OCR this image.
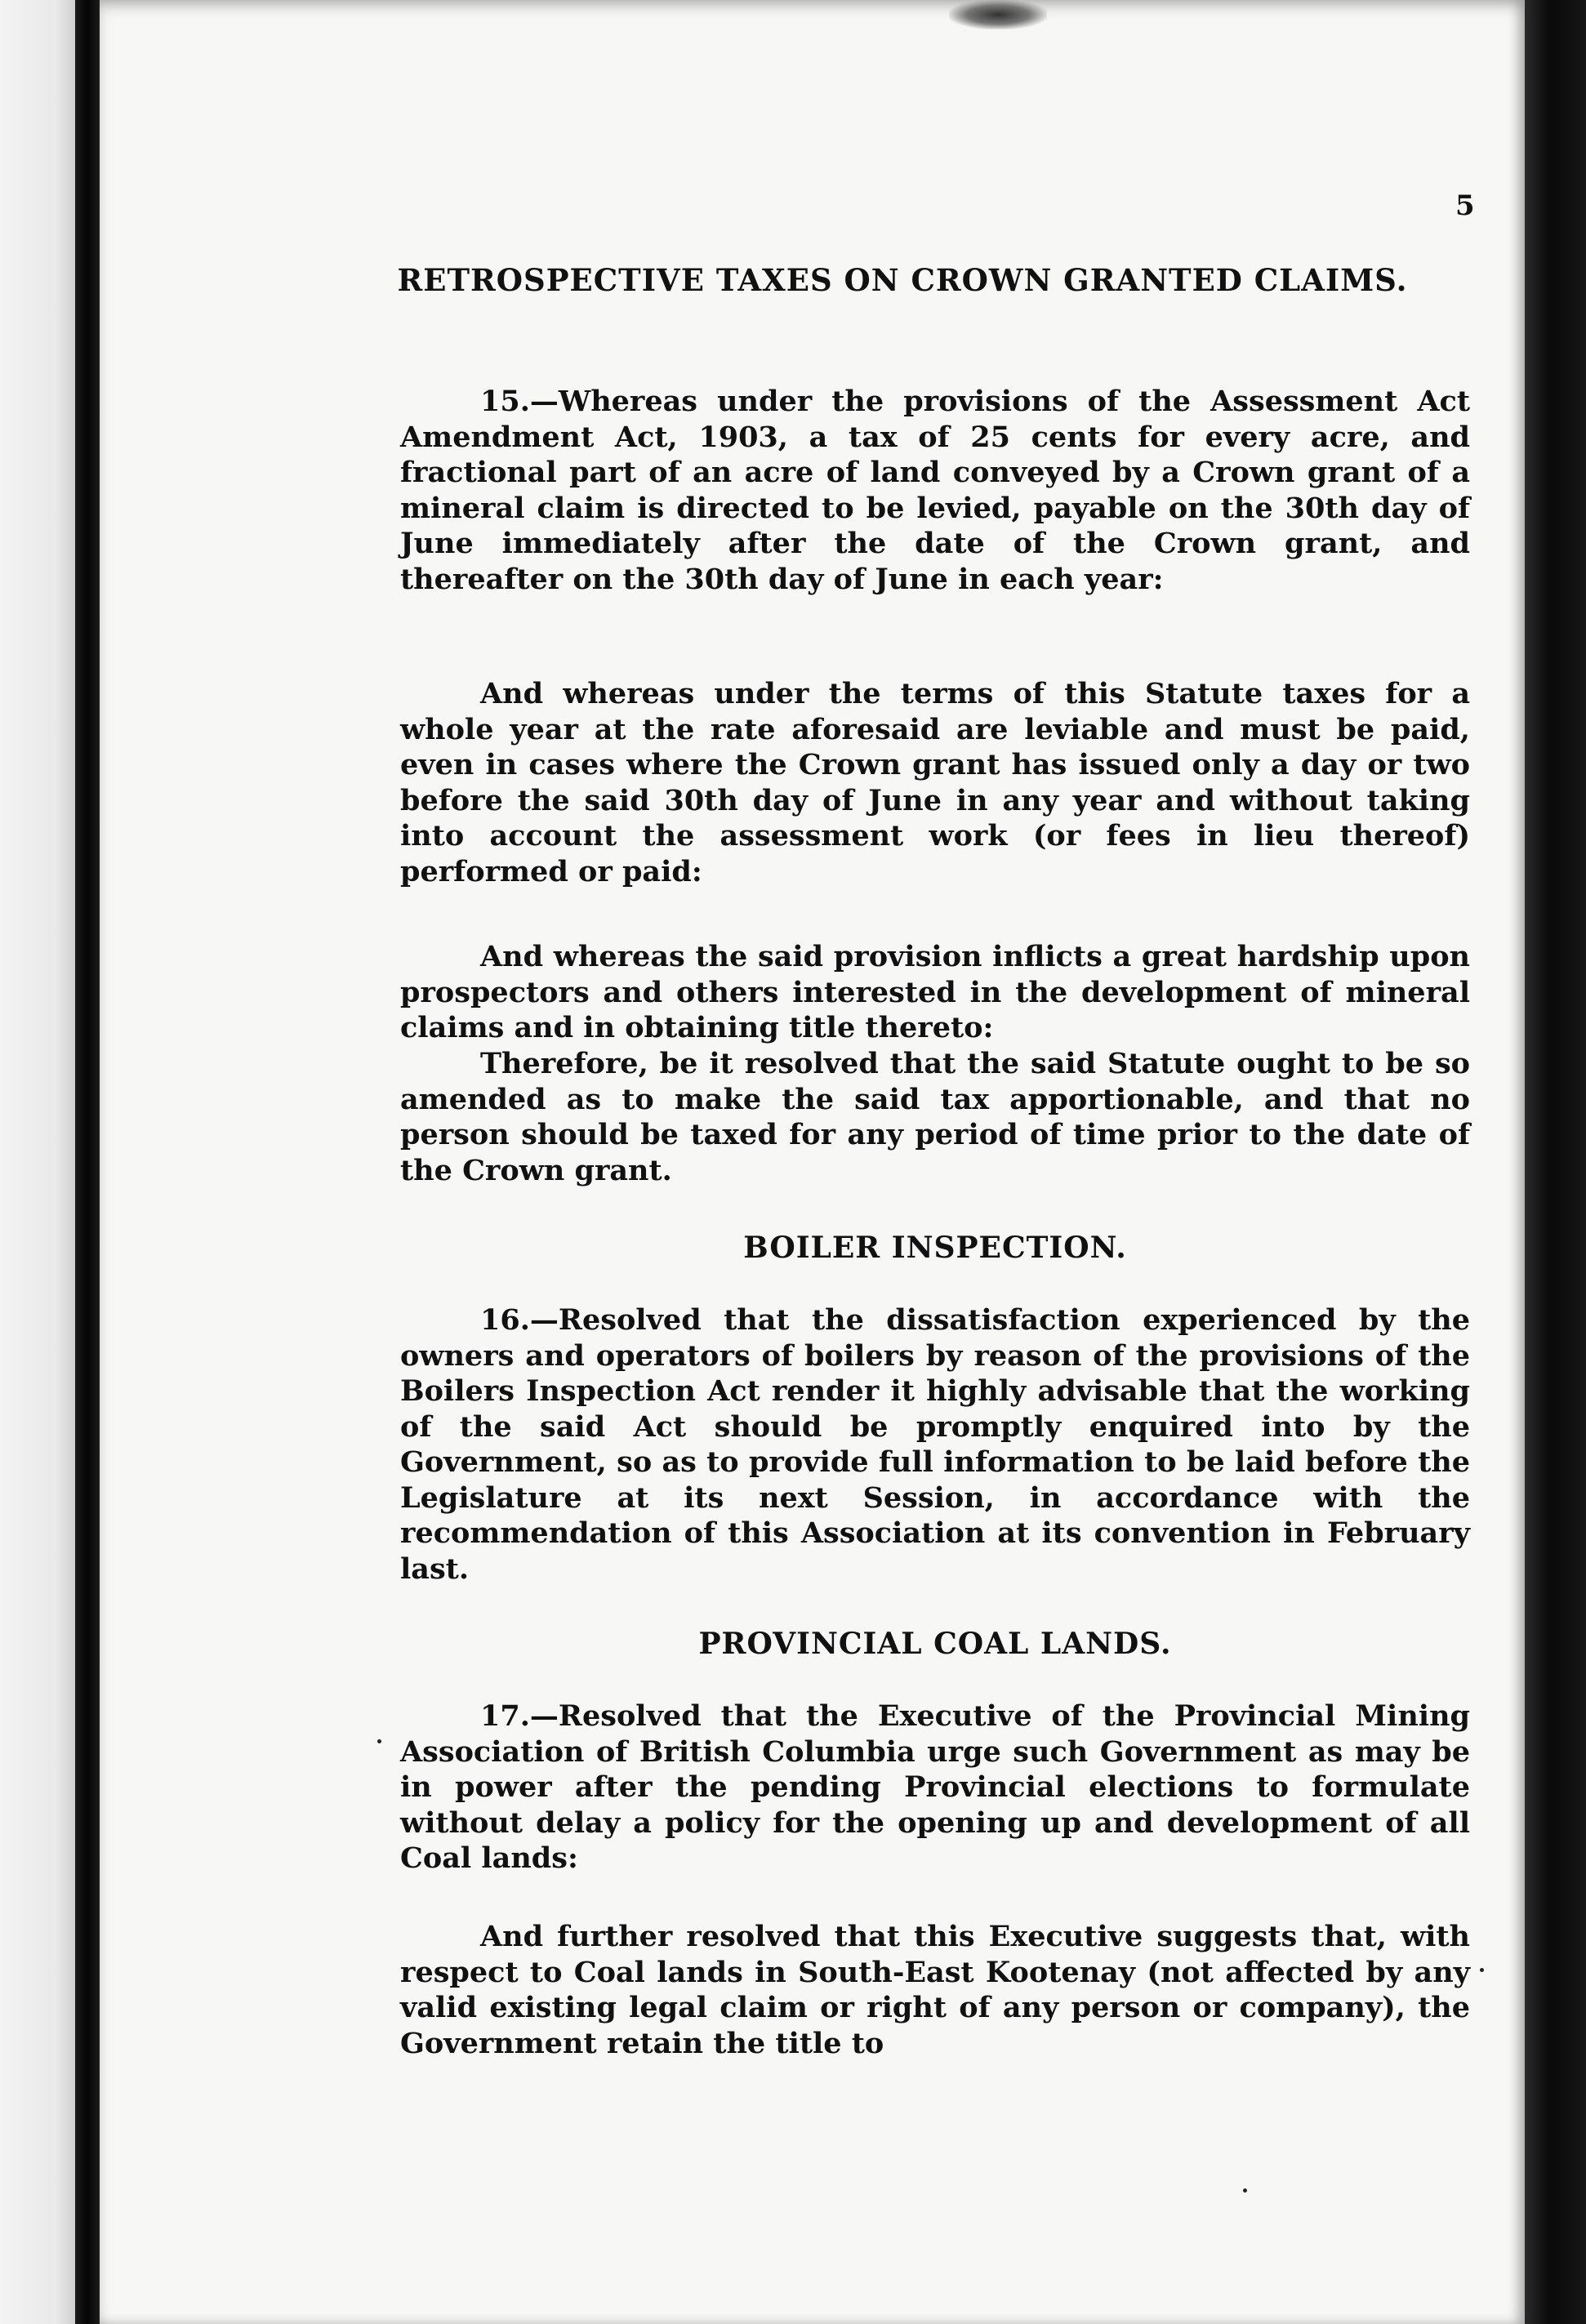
5
RETROSPECTIVE TAXES ON CROWN GRANTED CLAIMS.

15.—Whereas under the provisions of the Assessment Act Amendment Act, 1903, a tax of 25 cents for every acre, and fractional part of an acre of land conveyed by a Crown grant of a mineral claim is directed to be levied, payable on the 30th day of June immediately after the date of the Crown grant, and thereafter on the 30th day of June in each year:

And whereas under the terms of this Statute taxes for a whole year at the rate aforesaid are leviable and must be paid, even in cases where the Crown grant has issued only a day or two before the said 30th day of June in any year and without taking into account the assessment work (or fees in lieu thereof) performed or paid:

And whereas the said provision inflicts a great hardship upon prospectors and others interested in the development of mineral claims and in obtaining title thereto:

Therefore, be it resolved that the said Statute ought to be so amended as to make the said tax apportionable, and that no person should be taxed for any period of time prior to the date of the Crown grant.

BOILER INSPECTION.

16.—Resolved that the dissatisfaction experienced by the owners and operators of boilers by reason of the provisions of the Boilers Inspection Act render it highly advisable that the working of the said Act should be promptly enquired into by the Government, so as to provide full information to be laid before the Legislature at its next Session, in accordance with the recommendation of this Association at its convention in February last.

PROVINCIAL COAL LANDS.

17.—Resolved that the Executive of the Provincial Mining Association of British Columbia urge such Government as may be in power after the pending Provincial elections to formulate without delay a policy for the opening up and development of all Coal lands:

And further resolved that this Executive suggests that, with respect to Coal lands in South-East Kootenay (not affected by any valid existing legal claim or right of any person or company), the Government retain the title to
